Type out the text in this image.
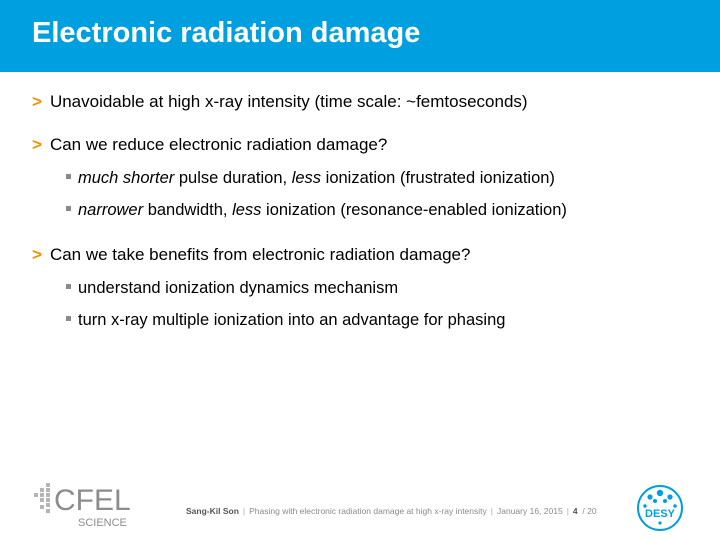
Electronic radiation damage
> Unavoidable at high x-ray intensity (time scale: ~femtoseconds)
> Can we reduce electronic radiation damage?
much shorter pulse duration, less ionization (frustrated ionization)
narrower bandwidth, less ionization (resonance-enabled ionization)
> Can we take benefits from electronic radiation damage?
understand ionization dynamics mechanism
turn x-ray multiple ionization into an advantage for phasing
CFEL
SCIENCE
Sang-Kil Son | Phasing with electronic radiation damage at high x-ray intensity | January 16, 2015 | 4 / 20	DESY
